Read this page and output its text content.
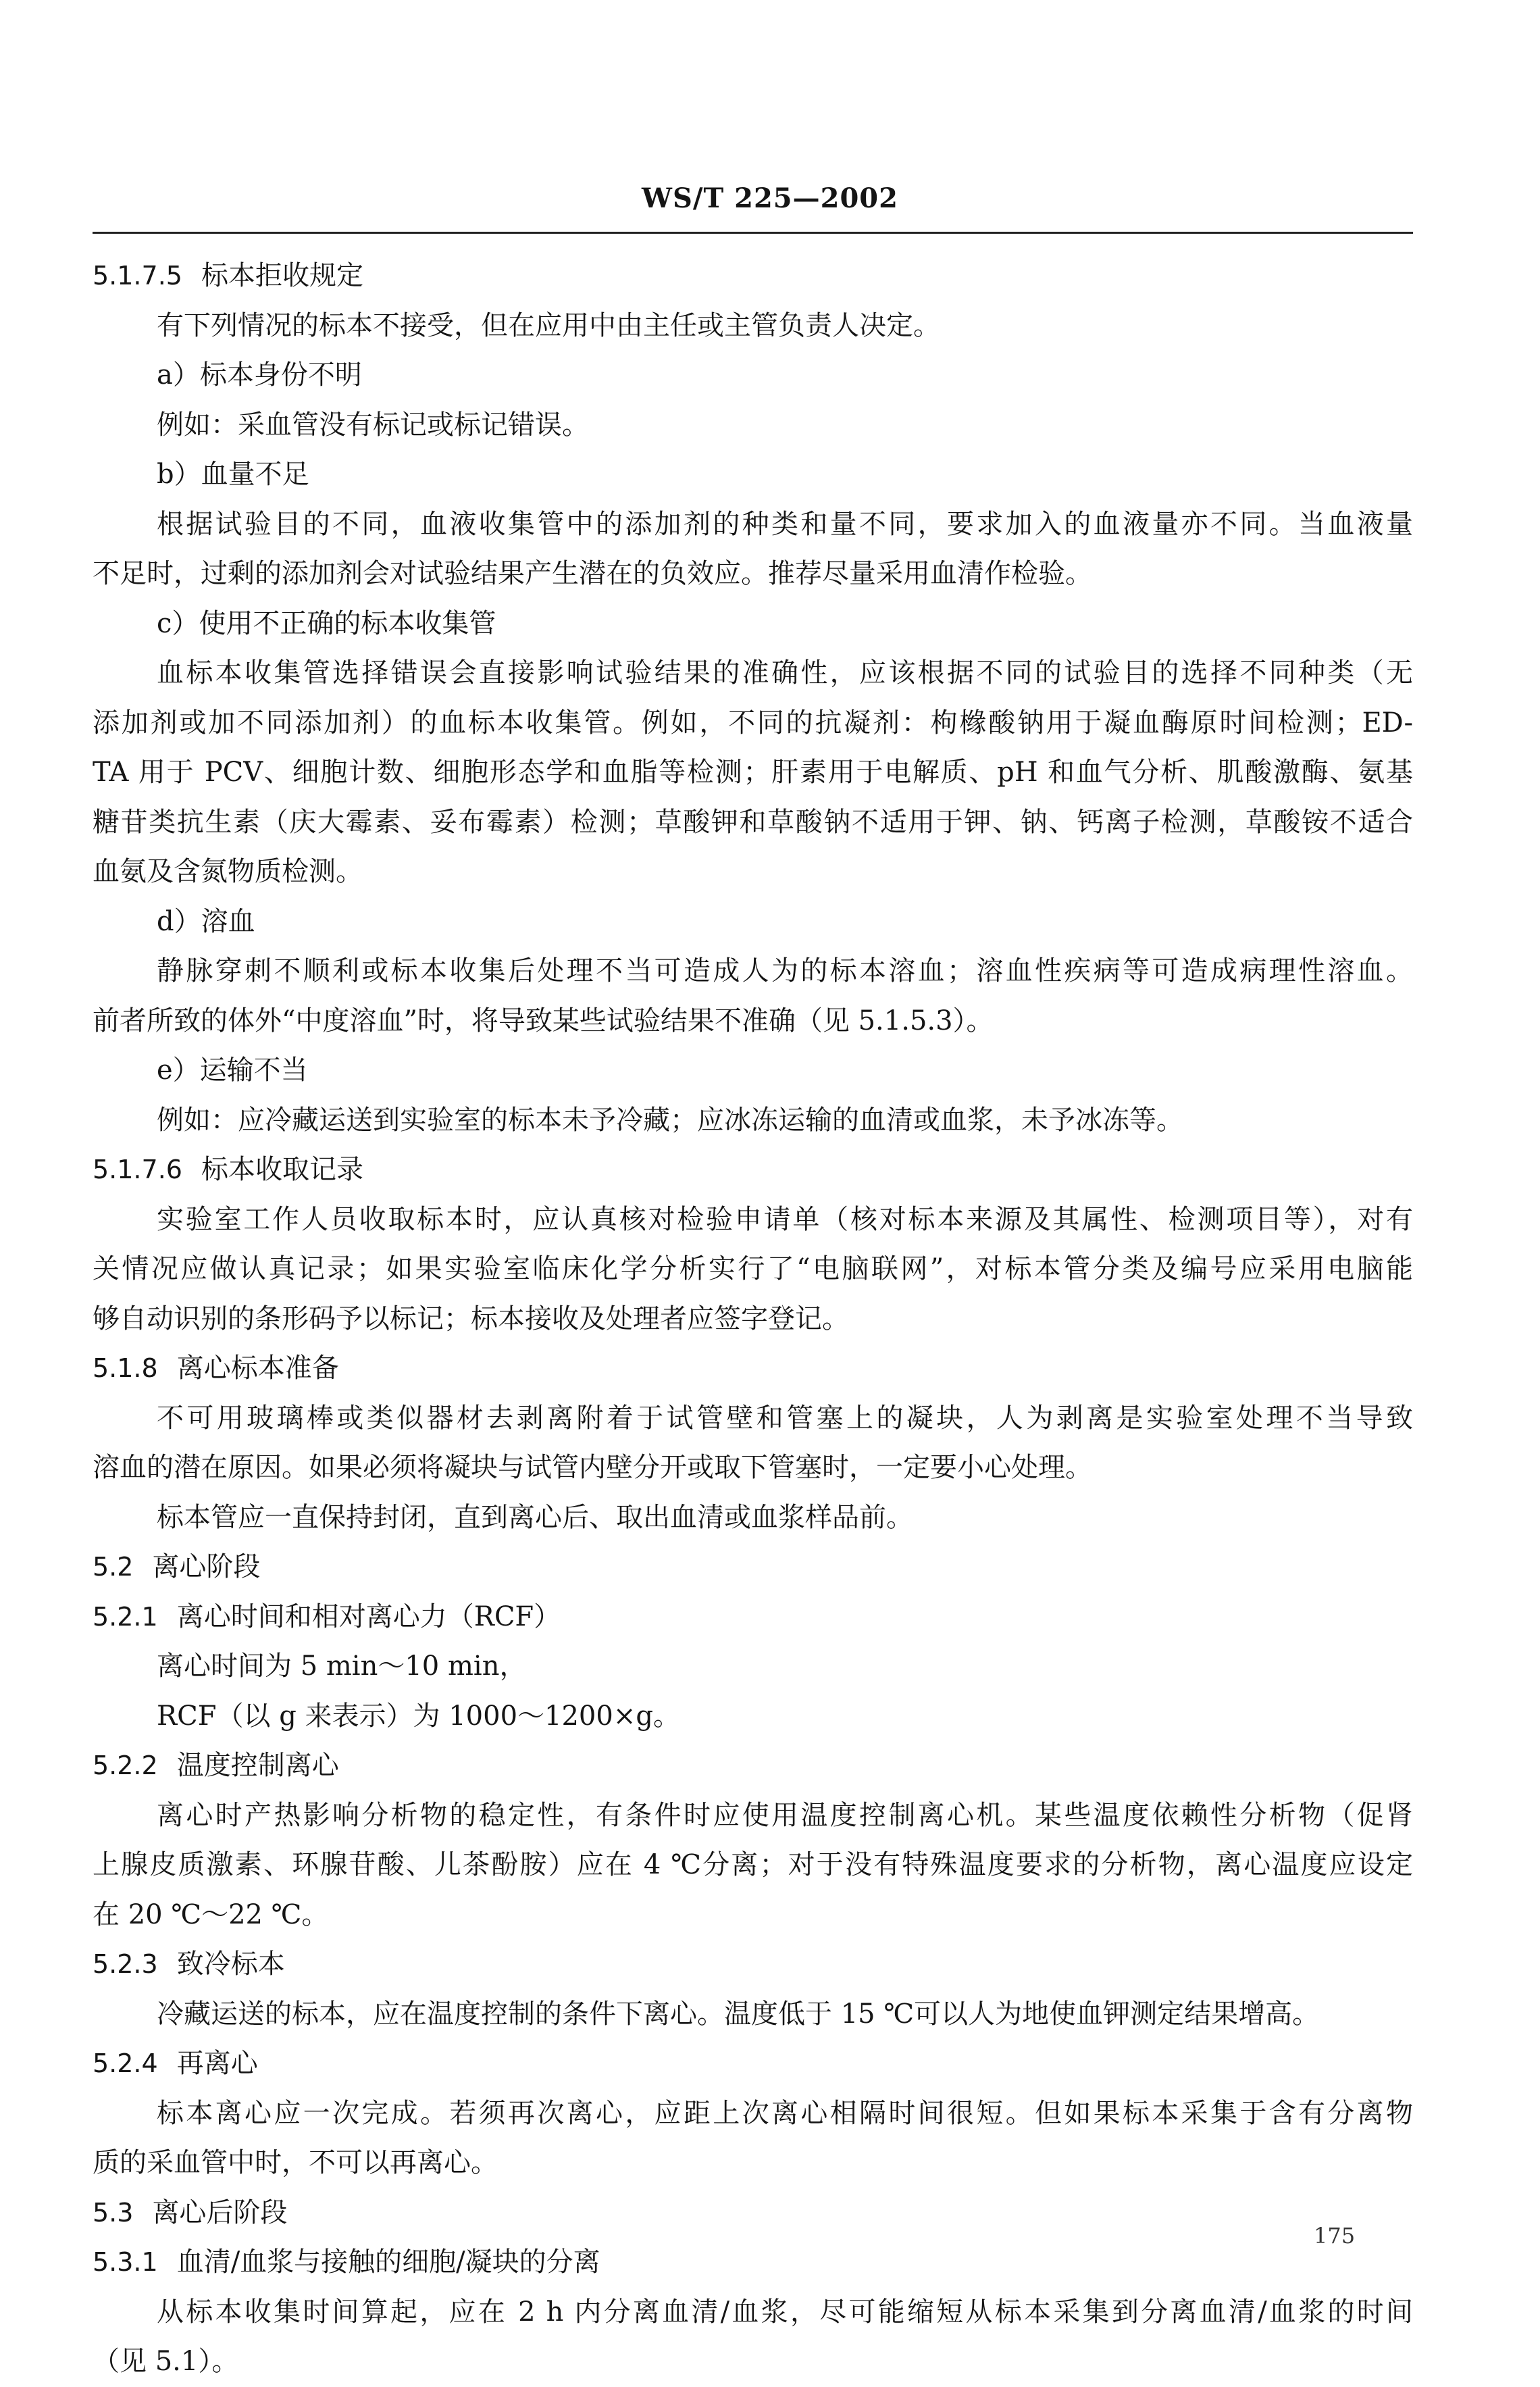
WS/T 225—2002
5.1.7.5 标本拒收规定
有下列情况的标本不接受，但在应用中由主任或主管负责人决定。
a）标本身份不明
例如：采血管没有标记或标记错误。
b）血量不足
根据试验目的不同，血液收集管中的添加剂的种类和量不同，要求加入的血液量亦不同。当血液量
不足时，过剩的添加剂会对试验结果产生潜在的负效应。推荐尽量采用血清作检验。
c）使用不正确的标本收集管
血标本收集管选择错误会直接影响试验结果的准确性，应该根据不同的试验目的选择不同种类（无
添加剂或加不同添加剂）的血标本收集管。例如，不同的抗凝剂：枸橼酸钠用于凝血酶原时间检测；ED-
TA 用于 PCV、细胞计数、细胞形态学和血脂等检测；肝素用于电解质、pH 和血气分析、肌酸激酶、氨基
糖苷类抗生素（庆大霉素、妥布霉素）检测；草酸钾和草酸钠不适用于钾、钠、钙离子检测，草酸铵不适合
血氨及含氮物质检测。
d）溶血
静脉穿刺不顺利或标本收集后处理不当可造成人为的标本溶血；溶血性疾病等可造成病理性溶血。
前者所致的体外“中度溶血”时，将导致某些试验结果不准确（见 5.1.5.3）。
e）运输不当
例如：应冷藏运送到实验室的标本未予冷藏；应冰冻运输的血清或血浆，未予冰冻等。
5.1.7.6 标本收取记录
实验室工作人员收取标本时，应认真核对检验申请单（核对标本来源及其属性、检测项目等），对有
关情况应做认真记录；如果实验室临床化学分析实行了“电脑联网”，对标本管分类及编号应采用电脑能
够自动识别的条形码予以标记；标本接收及处理者应签字登记。
5.1.8 离心标本准备
不可用玻璃棒或类似器材去剥离附着于试管壁和管塞上的凝块，人为剥离是实验室处理不当导致
溶血的潜在原因。如果必须将凝块与试管内壁分开或取下管塞时，一定要小心处理。
标本管应一直保持封闭，直到离心后、取出血清或血浆样品前。
5.2 离心阶段
5.2.1 离心时间和相对离心力（RCF）
离心时间为 5 min～10 min，
RCF（以 g 来表示）为 1000～1200×g。
5.2.2 温度控制离心
离心时产热影响分析物的稳定性，有条件时应使用温度控制离心机。某些温度依赖性分析物（促肾
上腺皮质激素、环腺苷酸、儿茶酚胺）应在 4 ℃分离；对于没有特殊温度要求的分析物，离心温度应设定
在 20 ℃～22 ℃。
5.2.3 致冷标本
冷藏运送的标本，应在温度控制的条件下离心。温度低于 15 ℃可以人为地使血钾测定结果增高。
5.2.4 再离心
标本离心应一次完成。若须再次离心，应距上次离心相隔时间很短。但如果标本采集于含有分离物
质的采血管中时，不可以再离心。
5.3 离心后阶段
5.3.1 血清/血浆与接触的细胞/凝块的分离
从标本收集时间算起，应在 2 h 内分离血清/血浆，尽可能缩短从标本采集到分离血清/血浆的时间
（见 5.1）。
175
